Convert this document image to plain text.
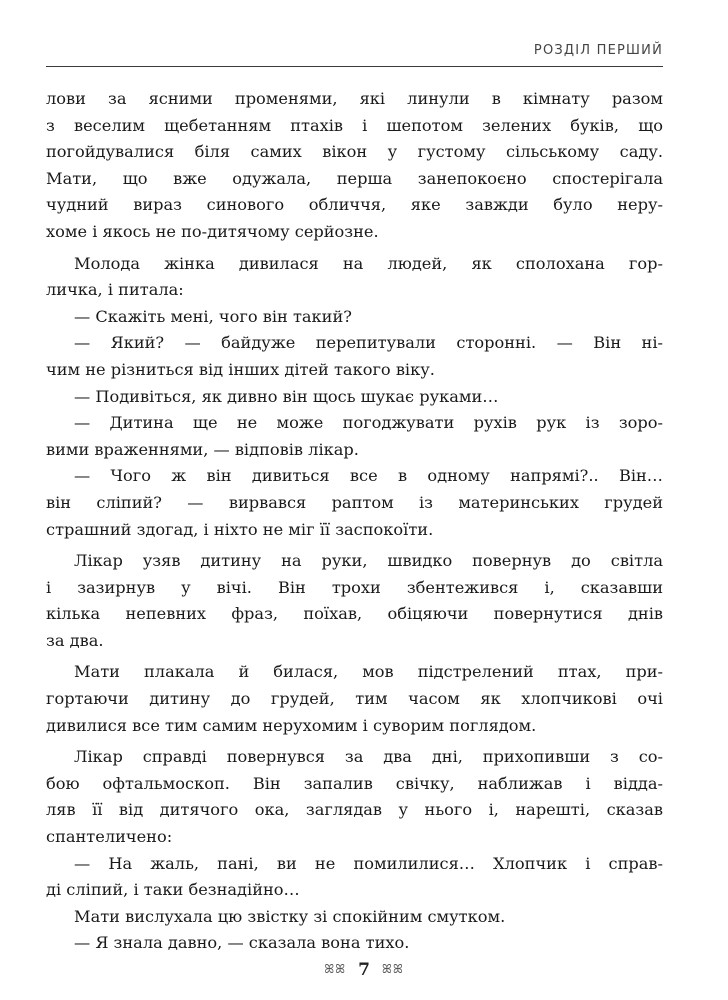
РОЗДІЛ ПЕРШИЙ

лови за ясними променями, які линули в кімнату разом
з веселим щебетанням птахів і шепотом зелених буків, що
погойдувалися біля самих вікон у густому сільському саду.
Мати, що вже одужала, перша занепокоєно спостерігала
чудний вираз синового обличчя, яке завжди було неру-
хоме і якось не по-дитячому серйозне.

Молода жінка дивилася на людей, як сполохана гор-
личка, і питала:

— Скажіть мені, чого він такий?

— Який? — байдуже перепитували сторонні. — Він ні-
чим не різниться від інших дітей такого віку.

— Подивіться, як дивно він щось шукає руками…

— Дитина ще не може погоджувати рухів рук із зоро-
вими враженнями, — відповів лікар.

— Чого ж він дивиться все в одному напрямі?.. Він…
він сліпий? — вирвався раптом із материнських грудей
страшний здогад, і ніхто не міг її заспокоїти.

Лікар узяв дитину на руки, швидко повернув до світла
і зазирнув у вічі. Він трохи збентежився і, сказавши
кілька непевних фраз, поїхав, обіцяючи повернутися днів
за два.

Мати плакала й билася, мов підстрелений птах, при-
гортаючи дитину до грудей, тим часом як хлопчикові очі
дивилися все тим самим нерухомим і суворим поглядом.

Лікар справді повернувся за два дні, прихопивши з со-
бою офтальмоскоп. Він запалив свічку, наближав і відда-
ляв її від дитячого ока, заглядав у нього і, нарешті, сказав
спантеличено:

— На жаль, пані, ви не помилилися… Хлопчик і справ-
ді сліпий, і таки безнадійно…

Мати вислухала цю звістку зі спокійним смутком.

— Я знала давно, — сказала вона тихо.

ꕤꕤ 7 ꕤꕤ
